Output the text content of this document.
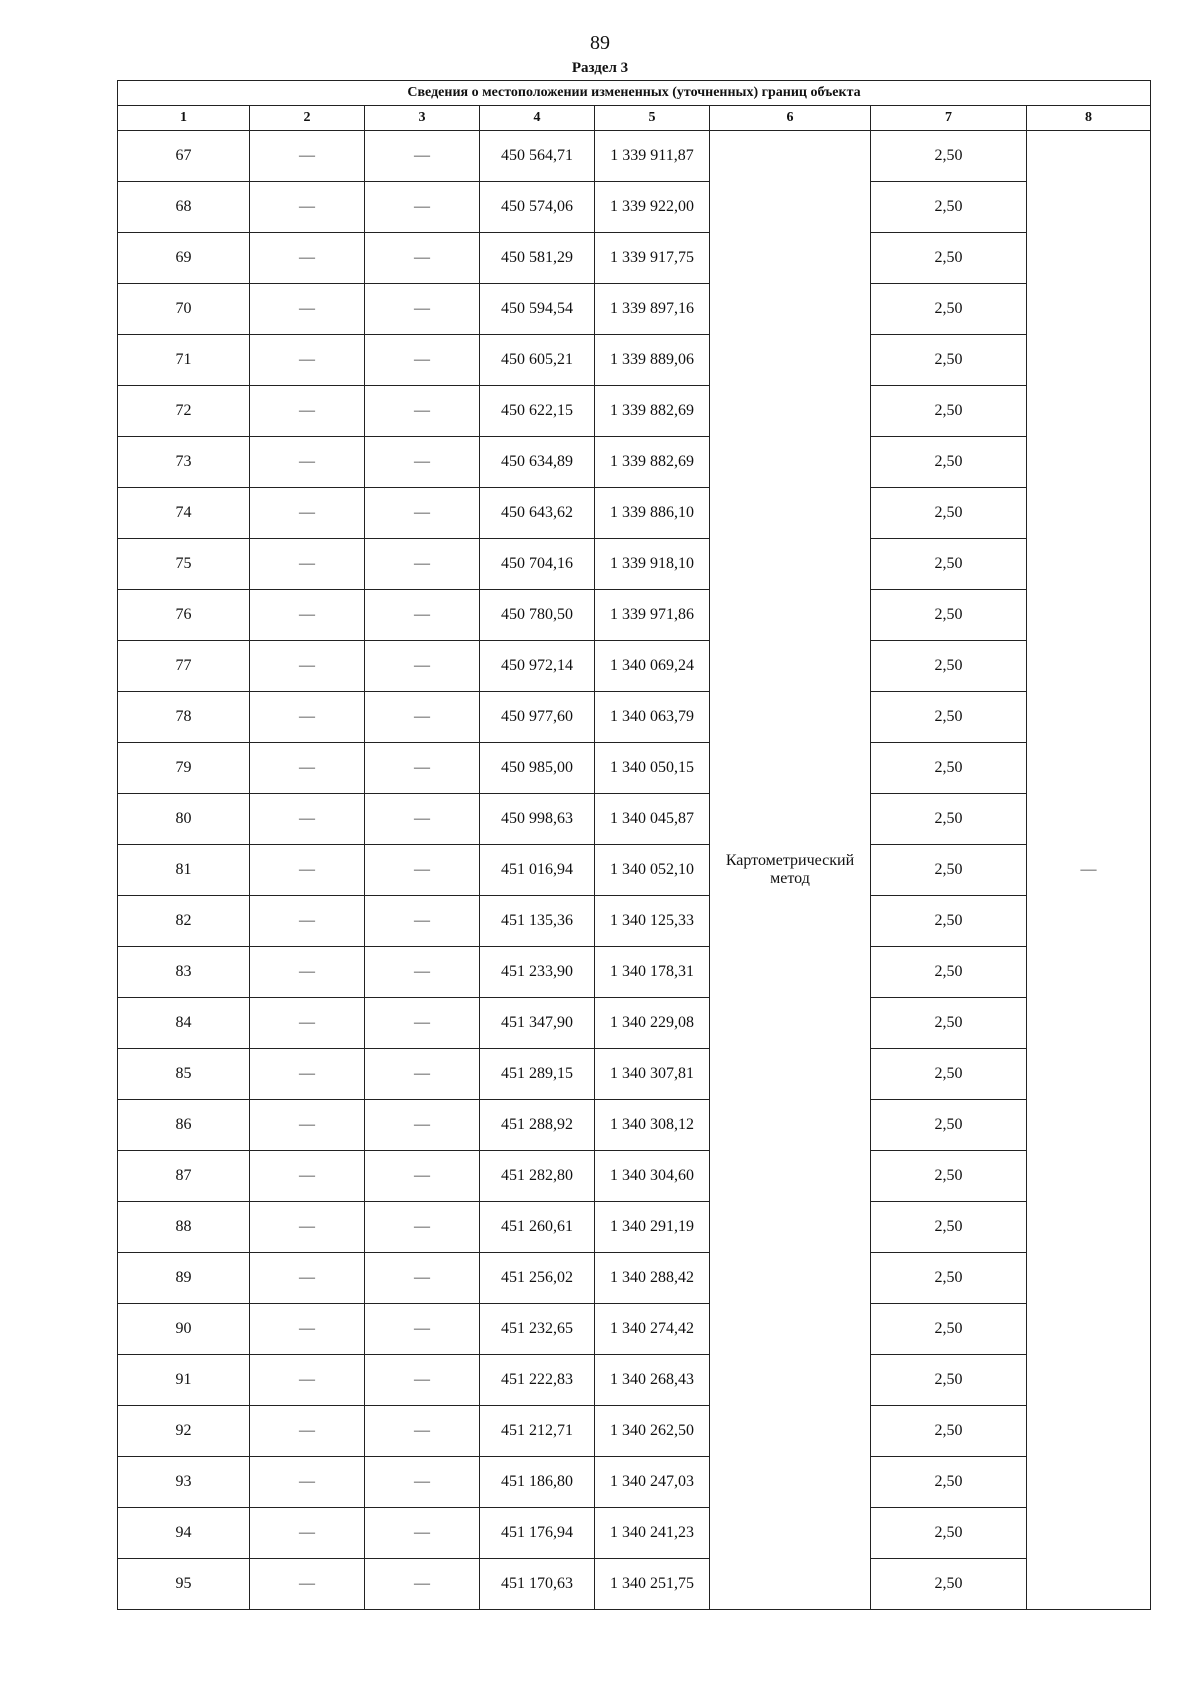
89
Раздел 3
Сведения о местоположении измененных (уточненных) границ объекта							
1	2	3	4	5	6	7	8
67	—	—	450 564,71	1 339 911,87	Картометрический метод	2,50	—

68	—	—	450 574,06	1 339 922,00		2,50	
69	—	—	450 581,29	1 339 917,75		2,50	
70	—	—	450 594,54	1 339 897,16		2,50	
71	—	—	450 605,21	1 339 889,06		2,50	
72	—	—	450 622,15	1 339 882,69		2,50	
73	—	—	450 634,89	1 339 882,69		2,50	
74	—	—	450 643,62	1 339 886,10		2,50	
75	—	—	450 704,16	1 339 918,10		2,50	
76	—	—	450 780,50	1 339 971,86		2,50	
77	—	—	450 972,14	1 340 069,24		2,50	
78	—	—	450 977,60	1 340 063,79		2,50	
79	—	—	450 985,00	1 340 050,15		2,50	
80	—	—	450 998,63	1 340 045,87		2,50	
81	—	—	451 016,94	1 340 052,10		2,50	
82	—	—	451 135,36	1 340 125,33		2,50	
83	—	—	451 233,90	1 340 178,31		2,50	
84	—	—	451 347,90	1 340 229,08		2,50	
85	—	—	451 289,15	1 340 307,81		2,50	
86	—	—	451 288,92	1 340 308,12		2,50	
87	—	—	451 282,80	1 340 304,60		2,50	
88	—	—	451 260,61	1 340 291,19		2,50	
89	—	—	451 256,02	1 340 288,42		2,50	
90	—	—	451 232,65	1 340 274,42		2,50	
91	—	—	451 222,83	1 340 268,43		2,50	
92	—	—	451 212,71	1 340 262,50		2,50	
93	—	—	451 186,80	1 340 247,03		2,50	
94	—	—	451 176,94	1 340 241,23		2,50	
95	—	—	451 170,63	1 340 251,75		2,50	
